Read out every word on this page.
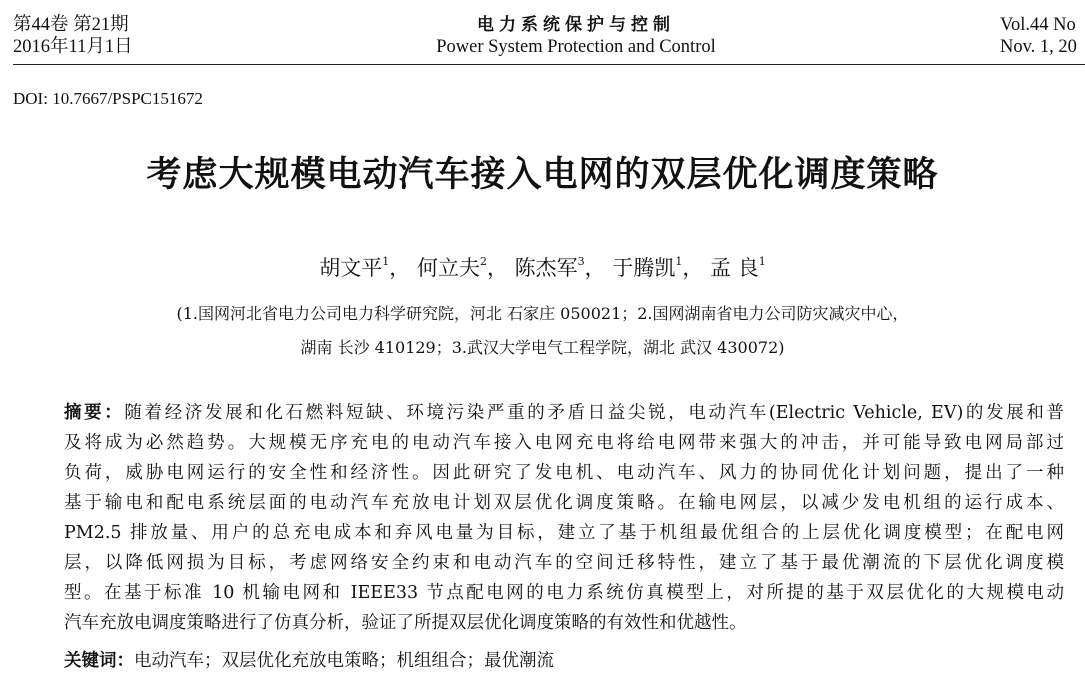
第44卷 第21期
2016年11月1日
电力系统保护与控制
Power System Protection and Control
Vol.44 No
Nov. 1, 20
DOI: 10.7667/PSPC151672
考虑大规模电动汽车接入电网的双层优化调度策略
胡文平$^1$， 何立夫$^2$， 陈杰军$^3$， 于腾凯$^1$， 孟 良$^1$
(1.国网河北省电力公司电力科学研究院，河北 石家庄 050021；2.国网湖南省电力公司防灾减灾中心，
湖南 长沙 410129；3.武汉大学电气工程学院，湖北 武汉 430072)
摘要：随着经济发展和化石燃料短缺、环境污染严重的矛盾日益尖锐，电动汽车(Electric Vehicle, EV)的发展和普
及将成为必然趋势。大规模无序充电的电动汽车接入电网充电将给电网带来强大的冲击，并可能导致电网局部过
负荷，威胁电网运行的安全性和经济性。因此研究了发电机、电动汽车、风力的协同优化计划问题，提出了一种
基于输电和配电系统层面的电动汽车充放电计划双层优化调度策略。在输电网层，以减少发电机组的运行成本、
PM2.5 排放量、用户的总充电成本和弃风电量为目标，建立了基于机组最优组合的上层优化调度模型；在配电网
层，以降低网损为目标，考虑网络安全约束和电动汽车的空间迁移特性，建立了基于最优潮流的下层优化调度模
型。在基于标准 10 机输电网和 IEEE33 节点配电网的电力系统仿真模型上，对所提的基于双层优化的大规模电动
汽车充放电调度策略进行了仿真分析，验证了所提双层优化调度策略的有效性和优越性。
关键词：电动汽车；双层优化充放电策略；机组组合；最优潮流
